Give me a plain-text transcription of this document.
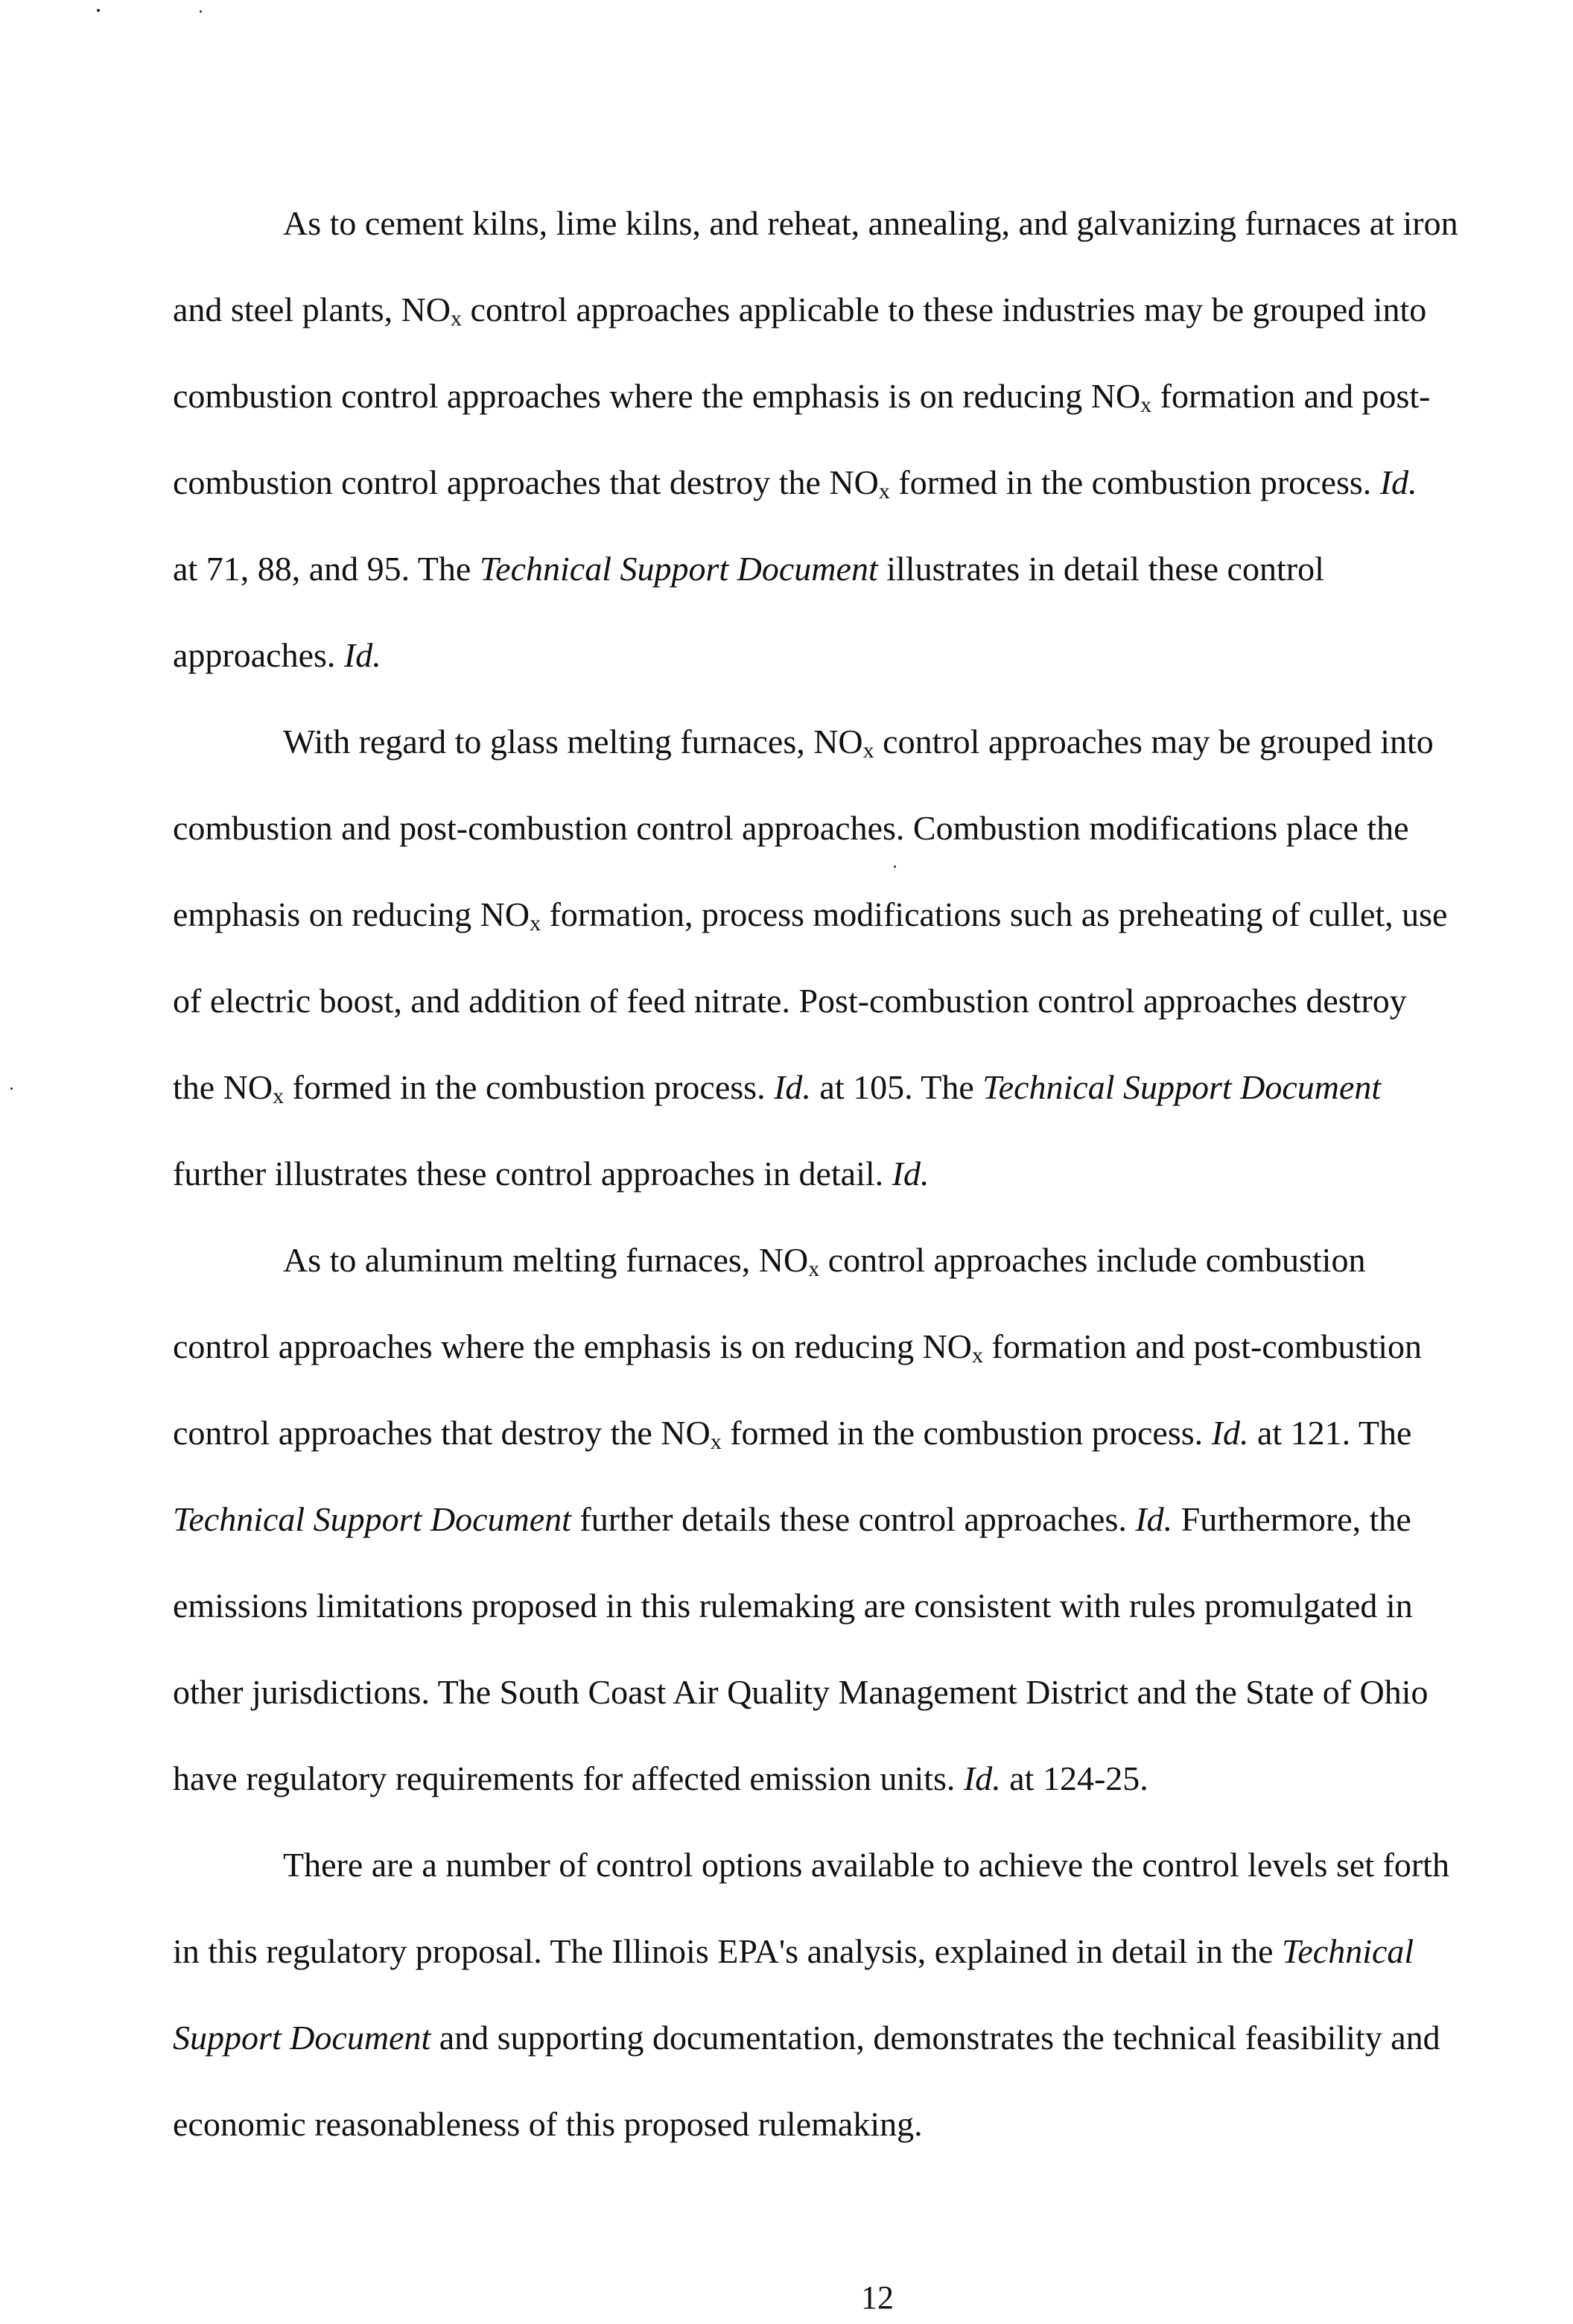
As to cement kilns, lime kilns, and reheat, annealing, and galvanizing furnaces at iron
and steel plants, $NO_x$ control approaches applicable to these industries may be grouped into
combustion control approaches where the emphasis is on reducing $NO_x$ formation and post-
combustion control approaches that destroy the $NO_x$ formed in the combustion process. Id.
at 71, 88, and 95. The Technical Support Document illustrates in detail these control
approaches. Id.
With regard to glass melting furnaces, $NO_x$ control approaches may be grouped into
combustion and post-combustion control approaches. Combustion modifications place the
emphasis on reducing $NO_x$ formation, process modifications such as preheating of cullet, use
of electric boost, and addition of feed nitrate. Post-combustion control approaches destroy
the $NO_x$ formed in the combustion process. Id. at 105. The Technical Support Document
further illustrates these control approaches in detail. Id.
As to aluminum melting furnaces, $NO_x$ control approaches include combustion
control approaches where the emphasis is on reducing $NO_x$ formation and post-combustion
control approaches that destroy the $NO_x$ formed in the combustion process. Id. at 121. The
Technical Support Document further details these control approaches. Id. Furthermore, the
emissions limitations proposed in this rulemaking are consistent with rules promulgated in
other jurisdictions. The South Coast Air Quality Management District and the State of Ohio
have regulatory requirements for affected emission units. Id. at 124-25.
There are a number of control options available to achieve the control levels set forth
in this regulatory proposal. The Illinois EPA's analysis, explained in detail in the Technical
Support Document and supporting documentation, demonstrates the technical feasibility and
economic reasonableness of this proposed rulemaking.
12
